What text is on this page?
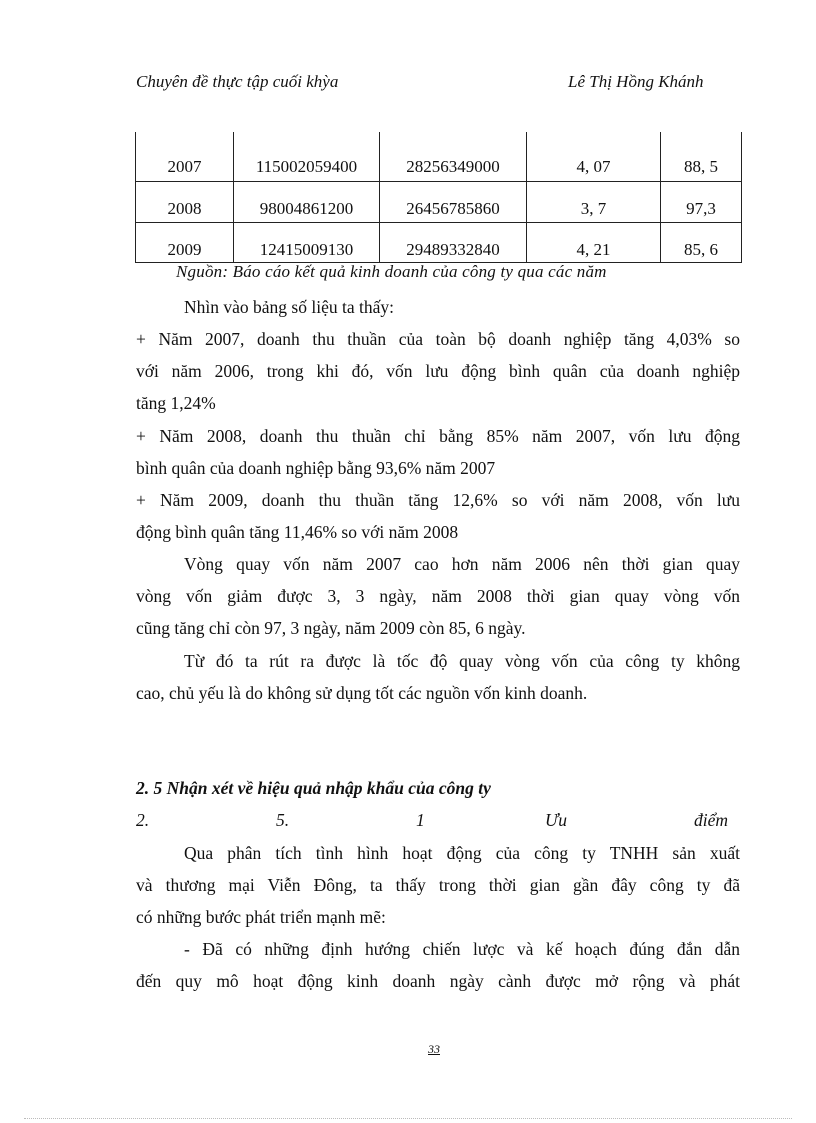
Chuyên đề thực tập cuối khỳa	Lê Thị Hồng Khánh
2007	115002059400	28256349000	4, 07	88, 5
2008	98004861200	26456785860	3, 7	97,3
2009	12415009130	29489332840	4, 21	85, 6
Nguồn: Báo cáo kết quả kinh doanh của công ty qua các năm
Nhìn vào bảng số liệu ta thấy:
+ Năm 2007, doanh thu thuần của toàn bộ doanh nghiệp tăng 4,03% so
với năm 2006, trong khi đó, vốn lưu động bình quân của doanh nghiệp
tăng 1,24%
+ Năm 2008, doanh thu thuần chỉ bằng 85% năm 2007, vốn lưu động
bình quân của doanh nghiệp bằng 93,6% năm 2007
+ Năm 2009, doanh thu thuần tăng 12,6% so với năm 2008, vốn lưu
động bình quân tăng 11,46% so với năm 2008
Vòng quay vốn năm 2007 cao hơn năm 2006 nên thời gian quay
vòng vốn giảm được 3, 3 ngày, năm 2008 thời gian quay vòng vốn
cũng tăng chỉ còn 97, 3 ngày, năm 2009 còn 85, 6 ngày.
Từ đó ta rút ra được là tốc độ quay vòng vốn của công ty không
cao, chủ yếu là do không sử dụng tốt các nguồn vốn kinh doanh.
2. 5 Nhận xét về hiệu quả nhập khẩu của công ty
2.	5.	1	Ưu	điểm
Qua phân tích tình hình hoạt động của công ty TNHH sản xuất
và thương mại Viễn Đông, ta thấy trong thời gian gần đây công ty đã
có những bước phát triển mạnh mẽ:
- Đã có những định hướng chiến lược và kế hoạch đúng đắn dẫn
đến quy mô hoạt động kinh doanh ngày cành được mở rộng và phát
33
